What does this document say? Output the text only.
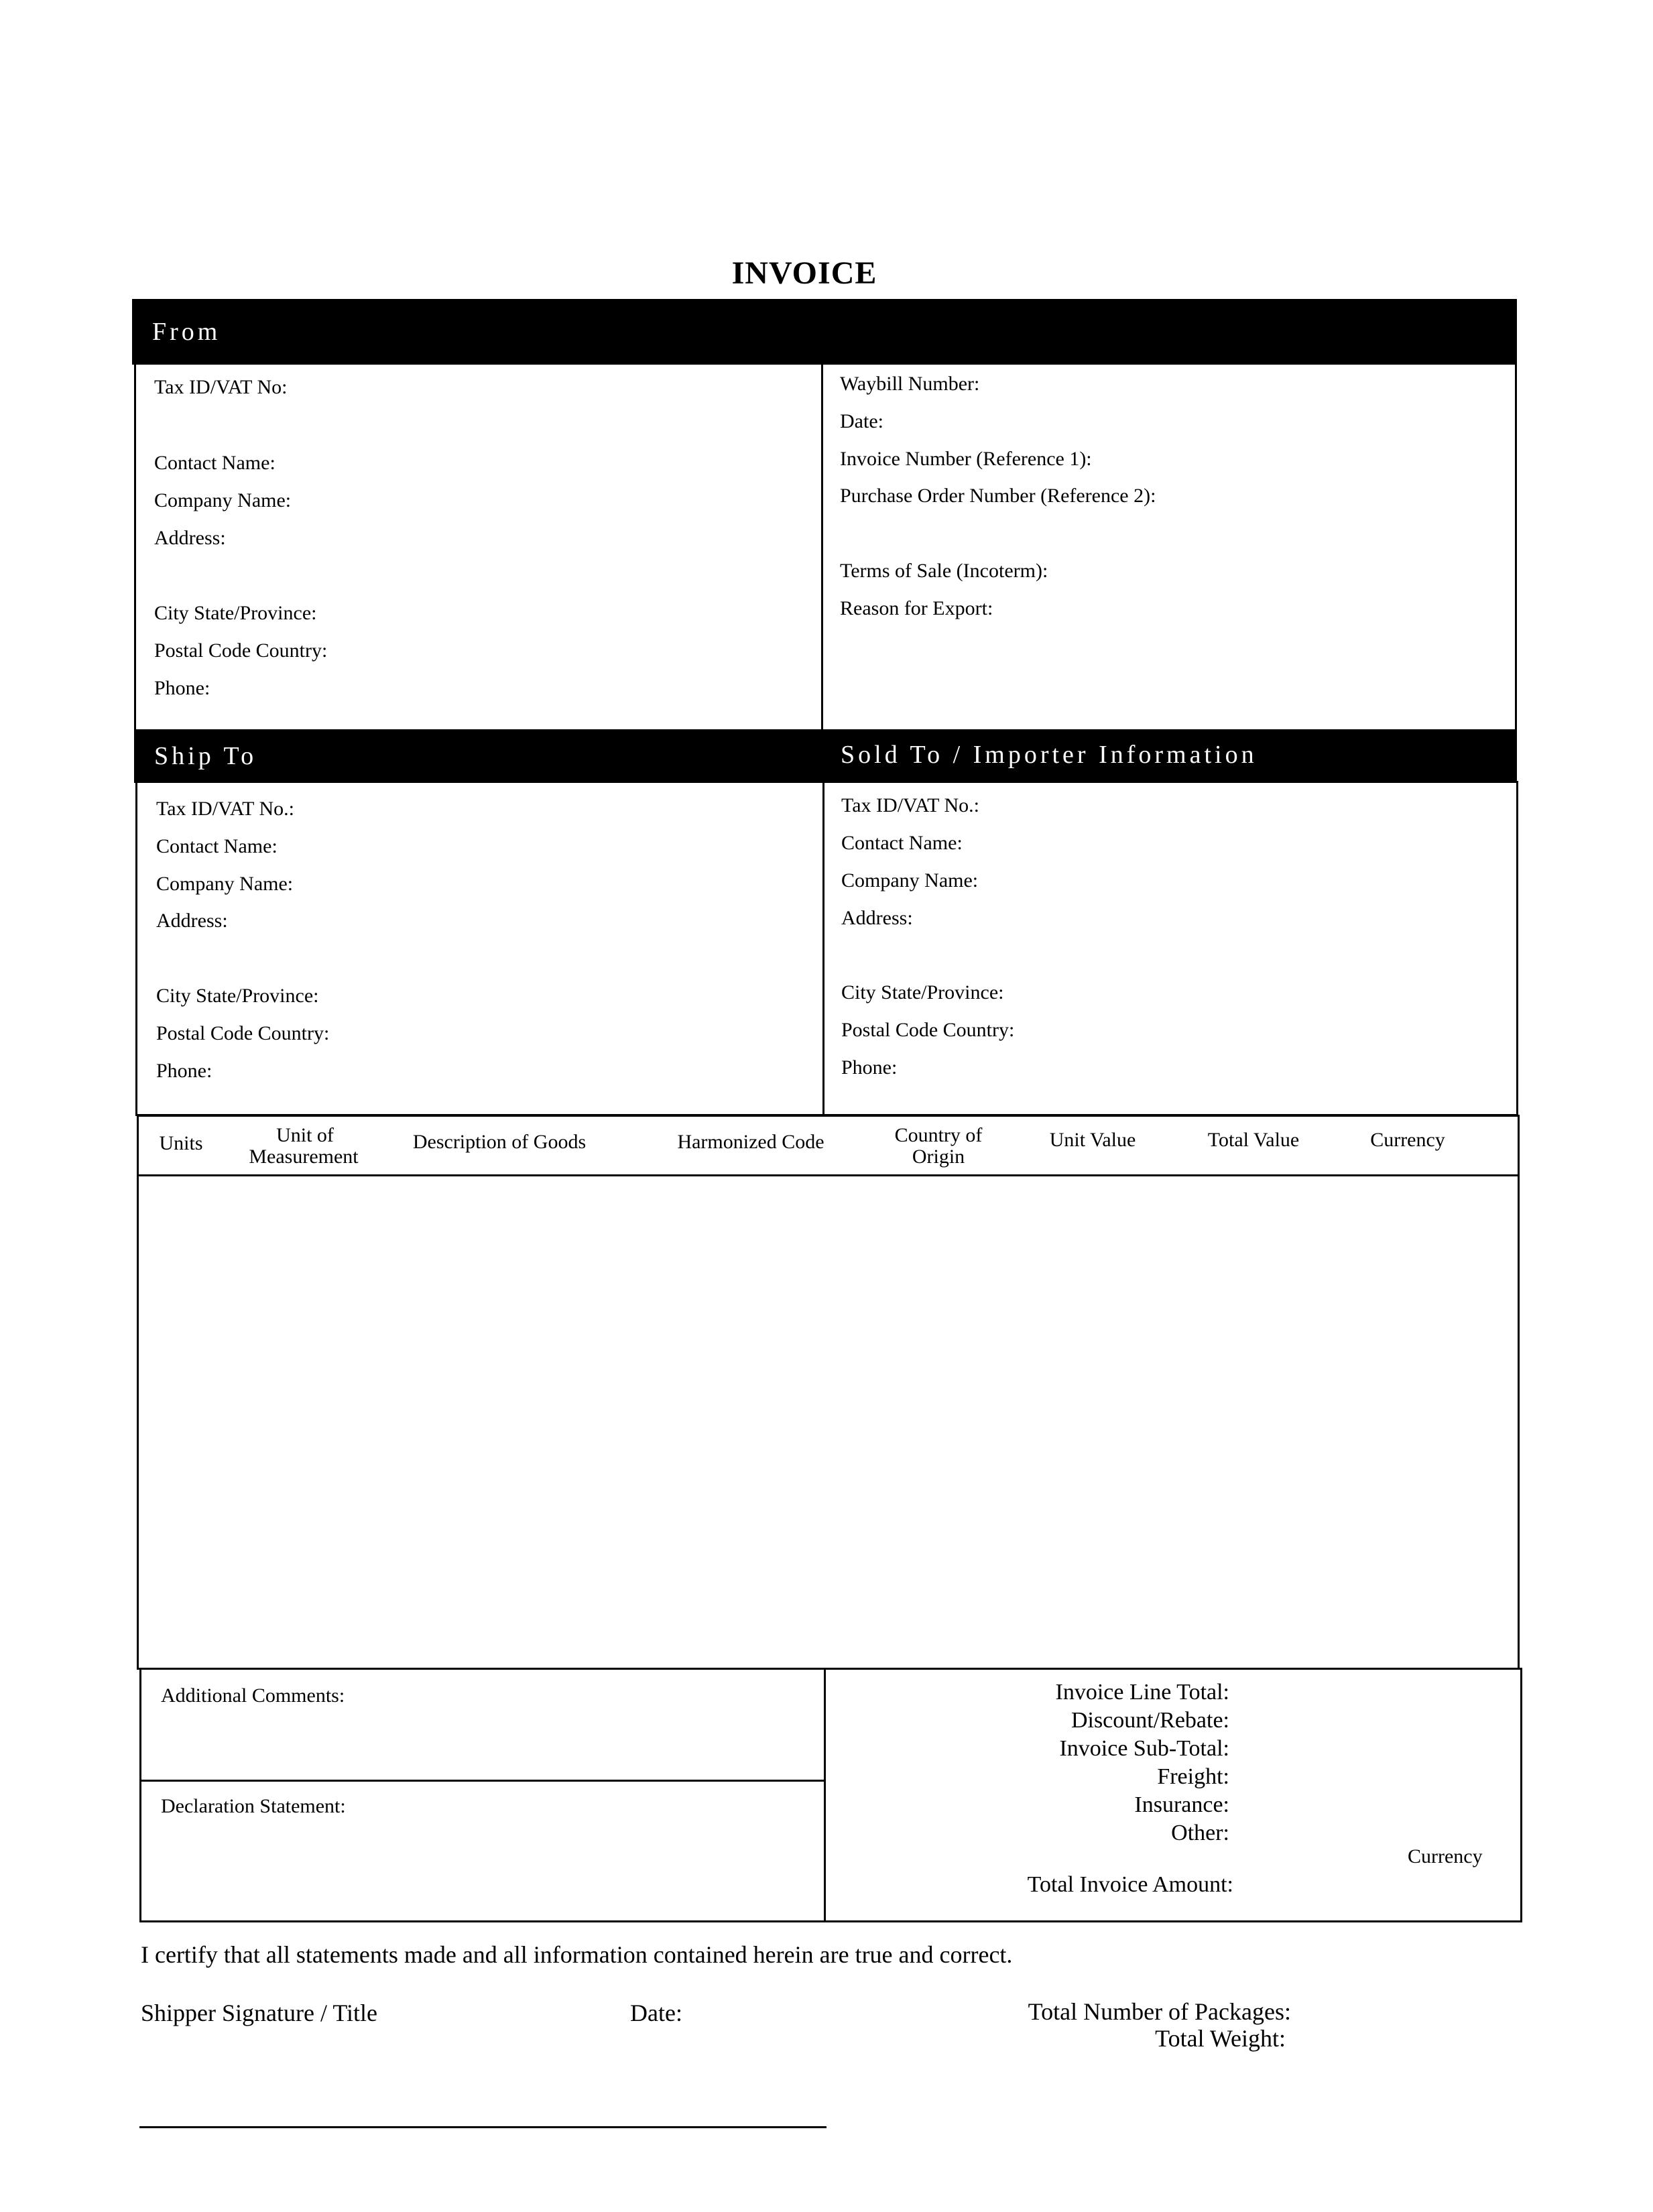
INVOICE
From
Tax ID/VAT No:
Contact Name:
Company Name:
Address:
City State/Province:
Postal Code Country:
Phone:
Waybill Number:
Date:
Invoice Number (Reference 1):
Purchase Order Number (Reference 2):
Terms of Sale (Incoterm):
Reason for Export:
Ship To	Sold To / Importer Information
Tax ID/VAT No.:
Contact Name:
Company Name:
Address:
City State/Province:
Postal Code Country:
Phone:
Tax ID/VAT No.:
Contact Name:
Company Name:
Address:
City State/Province:
Postal Code Country:
Phone:
Units	Unit of
Measurement
Description of Goods	Harmonized Code	Country of
Origin
Unit Value	Total Value	Currency
Additional Comments:
Declaration Statement:
Invoice Line Total:
Discount/Rebate:
Invoice Sub-Total:
Freight:
Insurance:
Other:
Currency
Total Invoice Amount:
I certify that all statements made and all information contained herein are true and correct.
Shipper Signature / Title	Date:	Total Number of Packages:
Total Weight:
